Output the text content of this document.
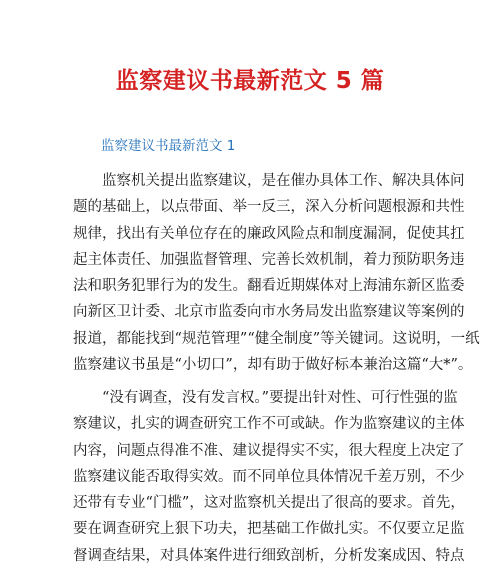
监察建议书最新范文 5 篇
监察建议书最新范文 1
监察机关提出监察建议，是在催办具体工作、解决具体问
题的基础上，以点带面、举一反三，深入分析问题根源和共性
规律，找出有关单位存在的廉政风险点和制度漏洞，促使其扛
起主体责任、加强监督管理、完善长效机制，着力预防职务违
法和职务犯罪行为的发生。翻看近期媒体对上海浦东新区监委
向新区卫计委、北京市监委向市水务局发出监察建议等案例的
报道，都能找到“规范管理”“健全制度”等关键词。这说明，一纸
监察建议书虽是“小切口”，却有助于做好标本兼治这篇“大*”。
“没有调查，没有发言权。”要提出针对性、可行性强的监
察建议，扎实的调查研究工作不可或缺。作为监察建议的主体
内容，问题点得准不准、建议提得实不实，很大程度上决定了
监察建议能否取得实效。而不同单位具体情况千差万别，不少
还带有专业“门槛”，这对监察机关提出了很高的要求。首先，
要在调查研究上狠下功夫，把基础工作做扎实。不仅要立足监
督调查结果，对具体案件进行细致剖析，分析发案成因、特点
